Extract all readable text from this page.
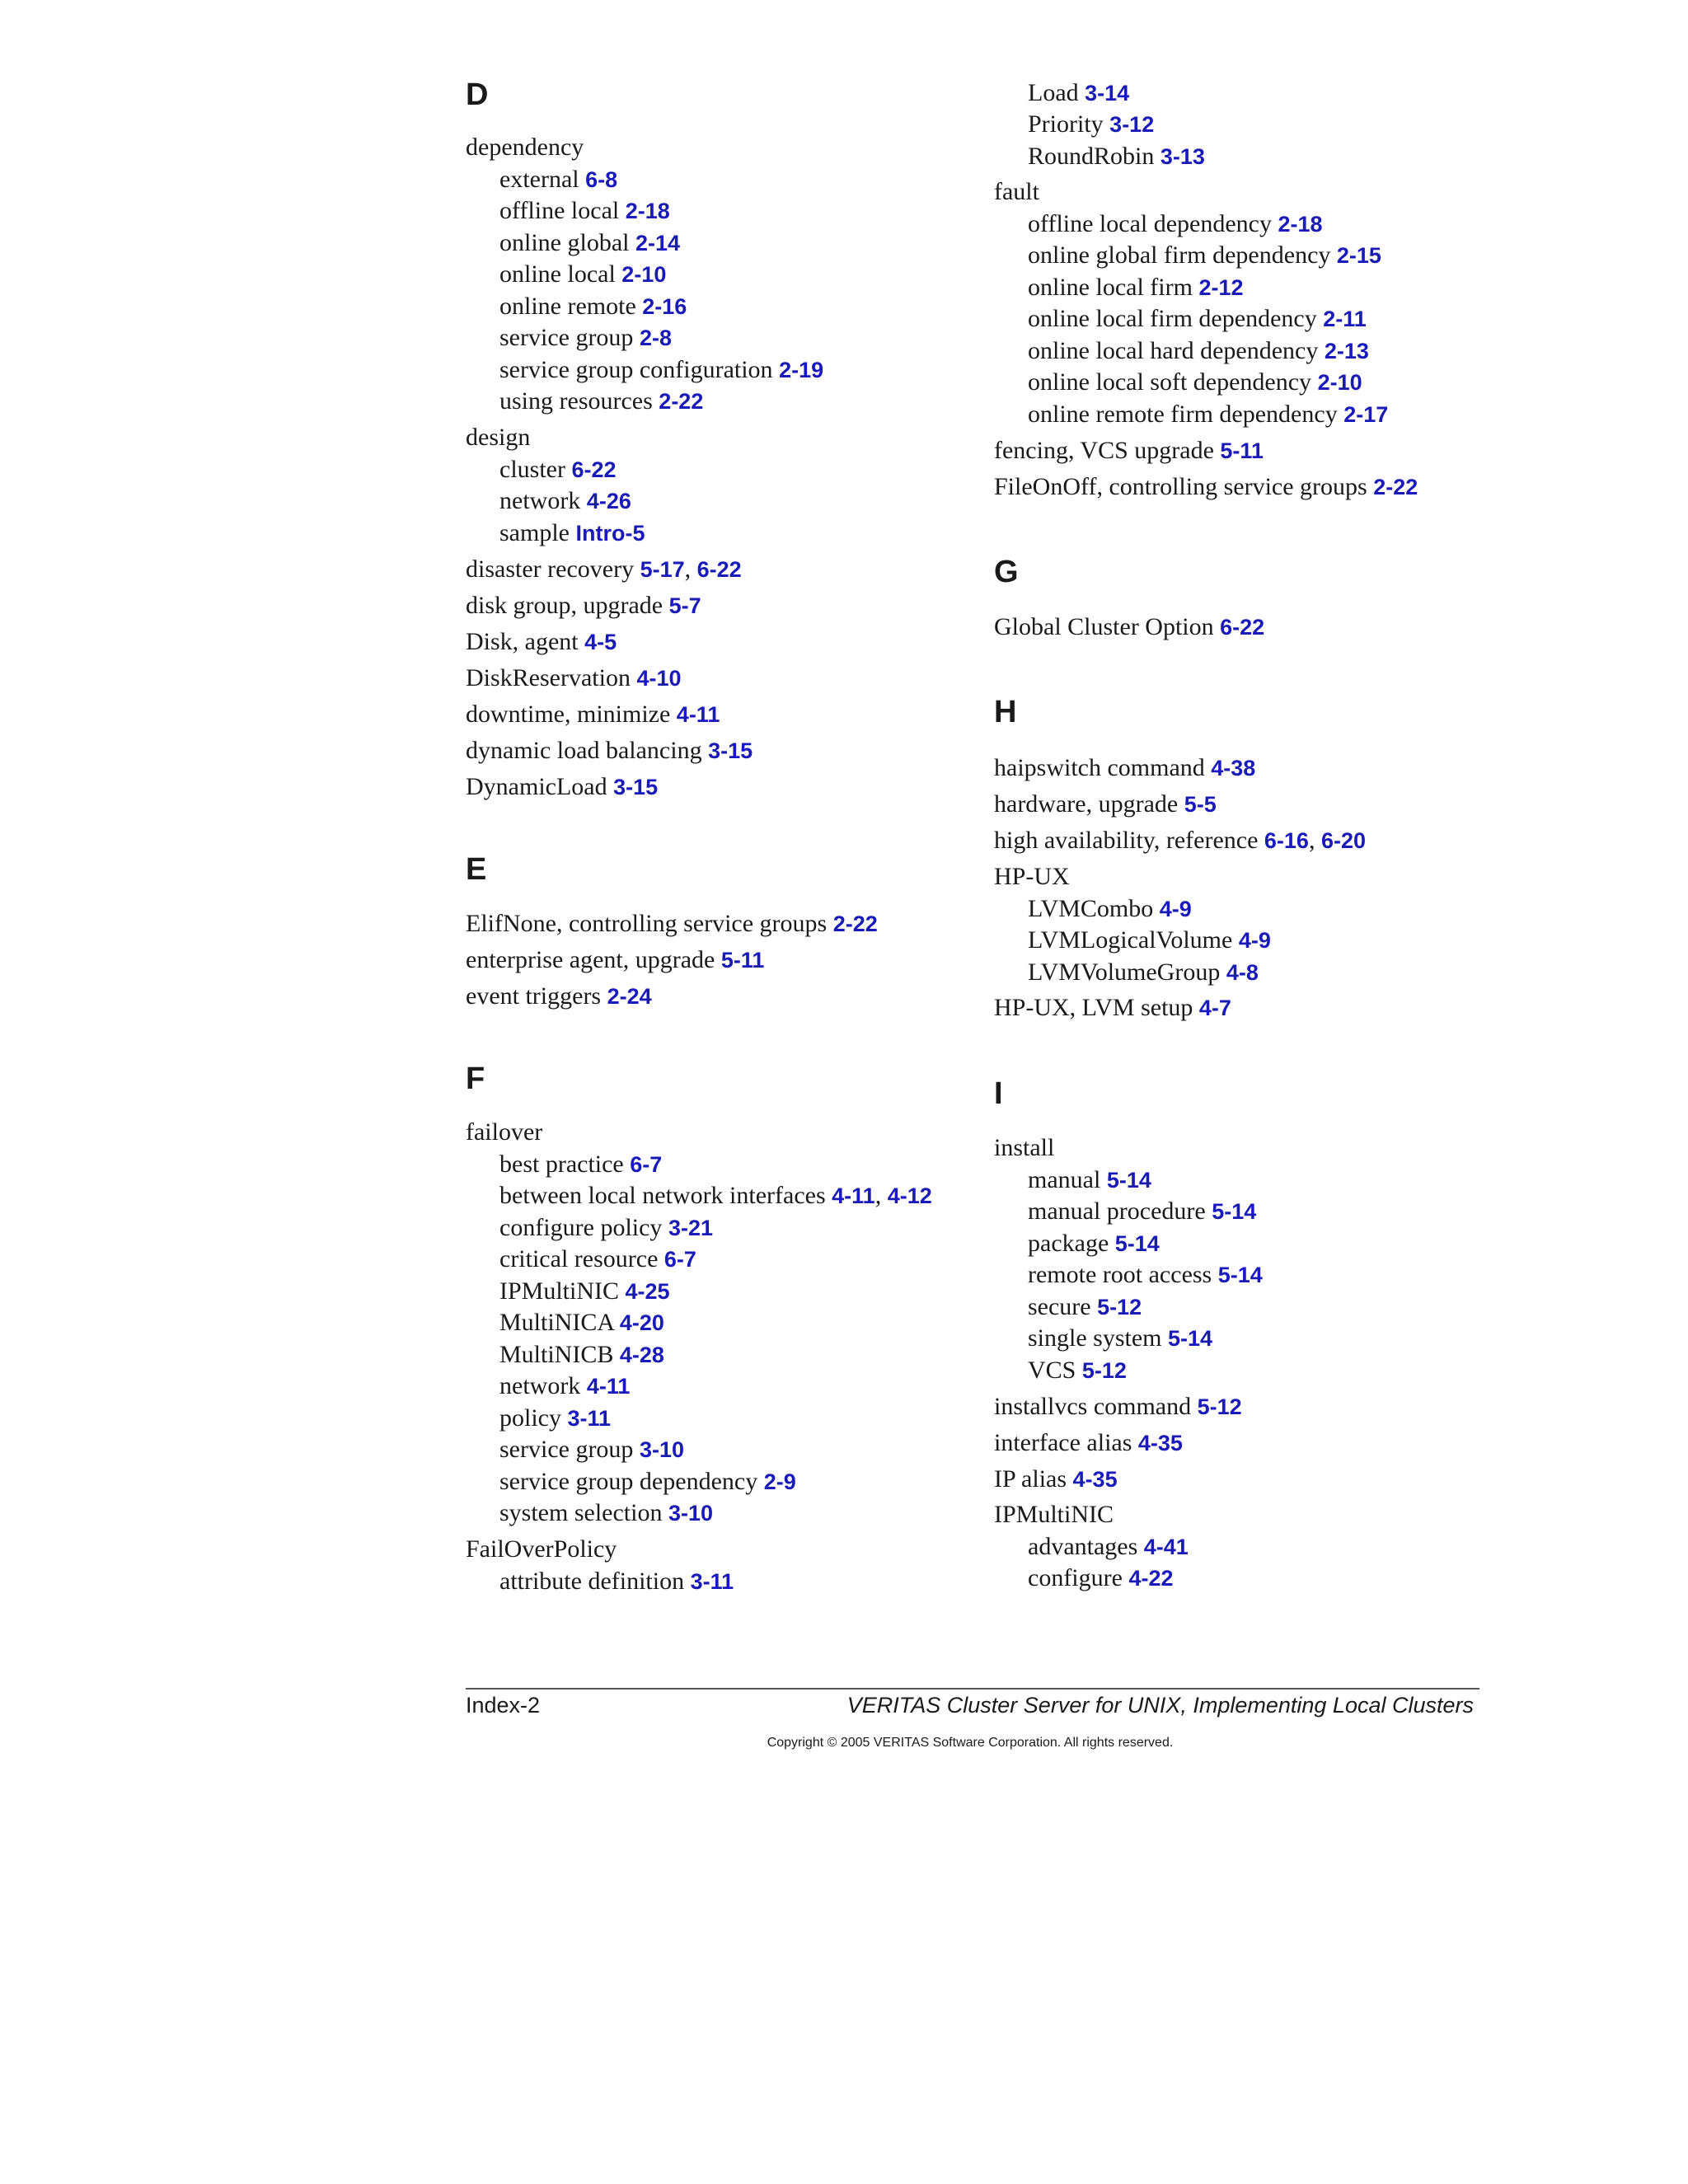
D
dependency
external 6-8
offline local 2-18
online global 2-14
online local 2-10
online remote 2-16
service group 2-8
service group configuration 2-19
using resources 2-22
design
cluster 6-22
network 4-26
sample Intro-5
disaster recovery 5-17, 6-22
disk group, upgrade 5-7
Disk, agent 4-5
DiskReservation 4-10
downtime, minimize 4-11
dynamic load balancing 3-15
DynamicLoad 3-15
E
ElifNone, controlling service groups 2-22
enterprise agent, upgrade 5-11
event triggers 2-24
F
failover
best practice 6-7
between local network interfaces 4-11, 4-12
configure policy 3-21
critical resource 6-7
IPMultiNIC 4-25
MultiNICA 4-20
MultiNICB 4-28
network 4-11
policy 3-11
service group 3-10
service group dependency 2-9
system selection 3-10
FailOverPolicy
attribute definition 3-11
Load 3-14
Priority 3-12
RoundRobin 3-13
fault
offline local dependency 2-18
online global firm dependency 2-15
online local firm 2-12
online local firm dependency 2-11
online local hard dependency 2-13
online local soft dependency 2-10
online remote firm dependency 2-17
fencing, VCS upgrade 5-11
FileOnOff, controlling service groups 2-22
G
Global Cluster Option 6-22
H
haipswitch command 4-38
hardware, upgrade 5-5
high availability, reference 6-16, 6-20
HP-UX
LVMCombo 4-9
LVMLogicalVolume 4-9
LVMVolumeGroup 4-8
HP-UX, LVM setup 4-7
I
install
manual 5-14
manual procedure 5-14
package 5-14
remote root access 5-14
secure 5-12
single system 5-14
VCS 5-12
installvcs command 5-12
interface alias 4-35
IP alias 4-35
IPMultiNIC
advantages 4-41
configure 4-22
Index-2	VERITAS Cluster Server for UNIX, Implementing Local Clusters
Copyright © 2005 VERITAS Software Corporation. All rights reserved.
